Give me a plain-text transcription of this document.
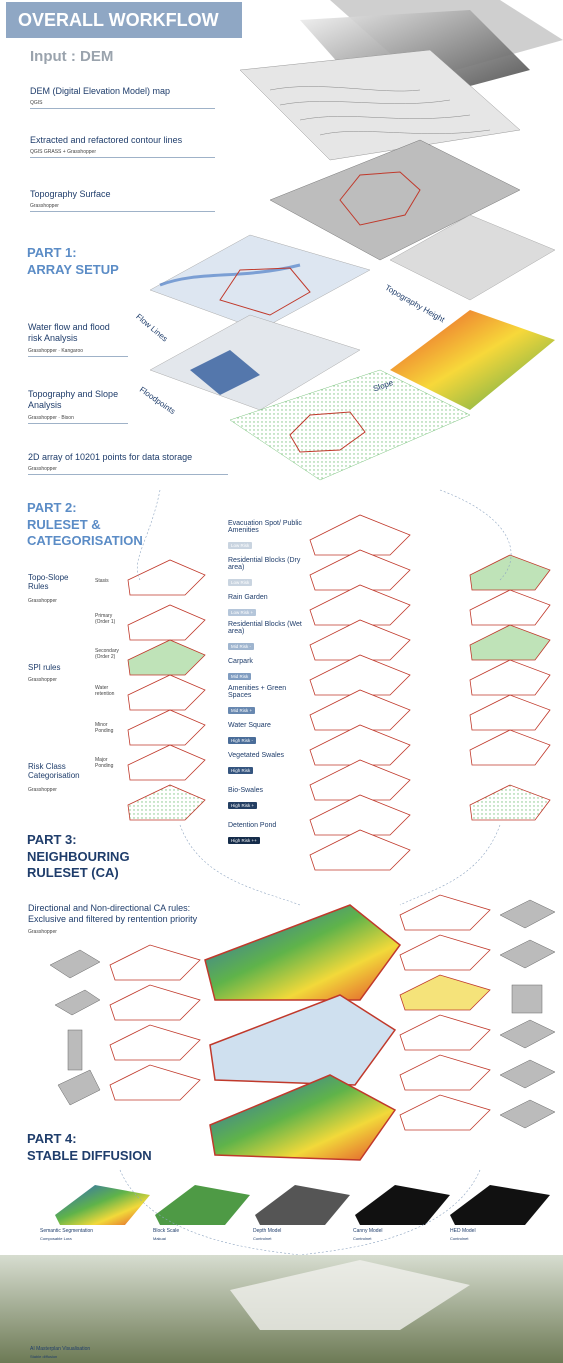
OVERALL WORKFLOW
Input : DEM
DEM (Digital Elevation Model) map
QGIS
Extracted and refactored contour lines
QGIS GRASS + Grasshopper
Topography Surface
Grasshopper
PART 1:
ARRAY SETUP
Water flow and flood risk Analysis
Grasshopper · Kangaroo
Topography and Slope Analysis
Grasshopper · Bison
2D array of 10201 points for data storage
Grasshopper
Flow Lines
Floodpoints
Topography Height
Slope
PART 2:
RULESET &
CATEGORISATION
Topo-Slope Rules
Grasshopper
SPI rules
Grasshopper
Risk Class Categorisation
Grasshopper
Stasis
Primary (Order 1)
Secondary (Order 2)
Water retention
Minor Ponding
Major Ponding
Evacuation Spot/ Public Amenities
Low Risk
Residential Blocks (Dry area)
Low Risk
Rain Garden
Low Risk +
Residential Blocks (Wet area)
Mid Risk -
Carpark
Mid Risk
Amenities + Green Spaces
Mid Risk +
Water Square
High Risk -
Vegetated Swales
High Risk
Bio-Swales
High Risk +
Detention Pond
High Risk ++
PART 3:
NEIGHBOURING
RULESET (CA)
Directional and Non-directional CA rules: Exclusive and filtered by rentention priority
Grasshopper
PART 4:
STABLE DIFFUSION
Semantic Segmentation
Composable Lora
Block Scale
Makuai
Depth Model
Controlnet
Canny Model
Controlnet
HED Model
Controlnet
AI Masterplan Visualisation
Stable diffusion
